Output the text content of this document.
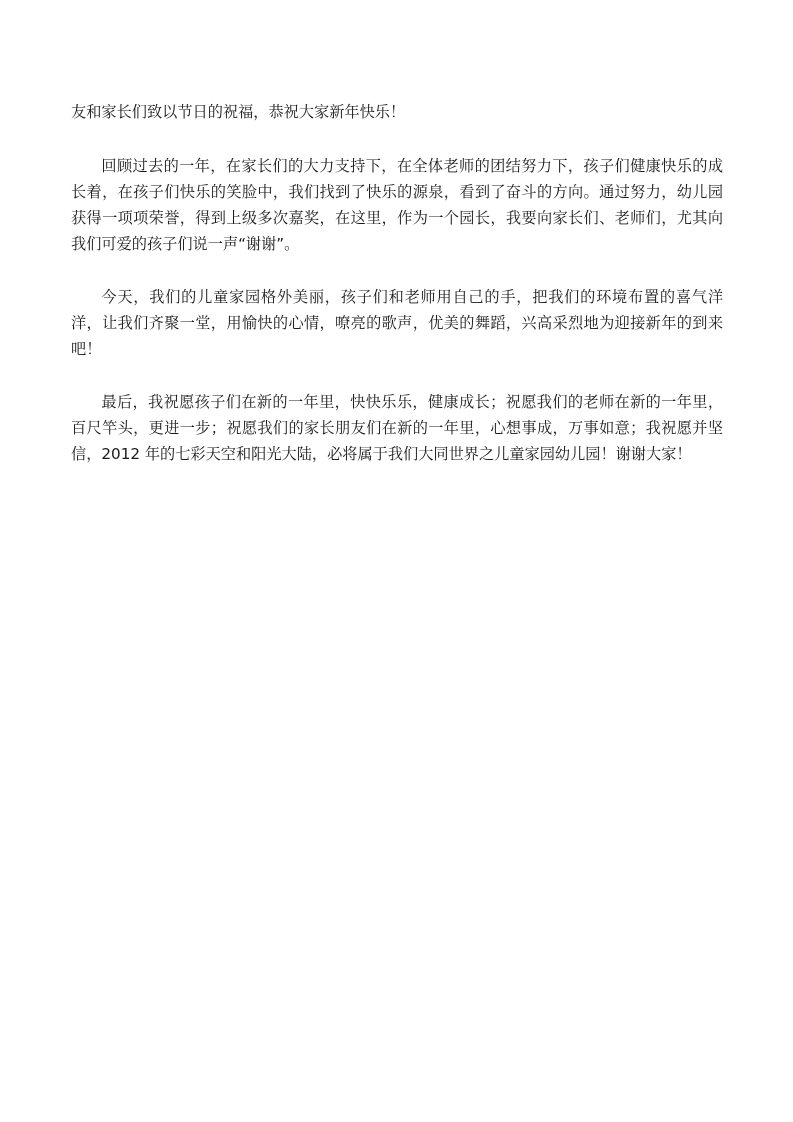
友和家长们致以节日的祝福，恭祝大家新年快乐！

回顾过去的一年，在家长们的大力支持下，在全体老师的团结努力下，孩子们健康快乐的成长着，在孩子们快乐的笑脸中，我们找到了快乐的源泉，看到了奋斗的方向。通过努力，幼儿园获得一项项荣誉，得到上级多次嘉奖，在这里，作为一个园长，我要向家长们、老师们，尤其向我们可爱的孩子们说一声“谢谢”。

今天，我们的儿童家园格外美丽，孩子们和老师用自己的手，把我们的环境布置的喜气洋洋，让我们齐聚一堂，用愉快的心情，嘹亮的歌声，优美的舞蹈，兴高采烈地为迎接新年的到来吧！

最后，我祝愿孩子们在新的一年里，快快乐乐，健康成长；祝愿我们的老师在新的一年里，百尺竿头，更进一步；祝愿我们的家长朋友们在新的一年里，心想事成，万事如意；我祝愿并坚信，2012 年的七彩天空和阳光大陆，必将属于我们大同世界之儿童家园幼儿园！谢谢大家！
